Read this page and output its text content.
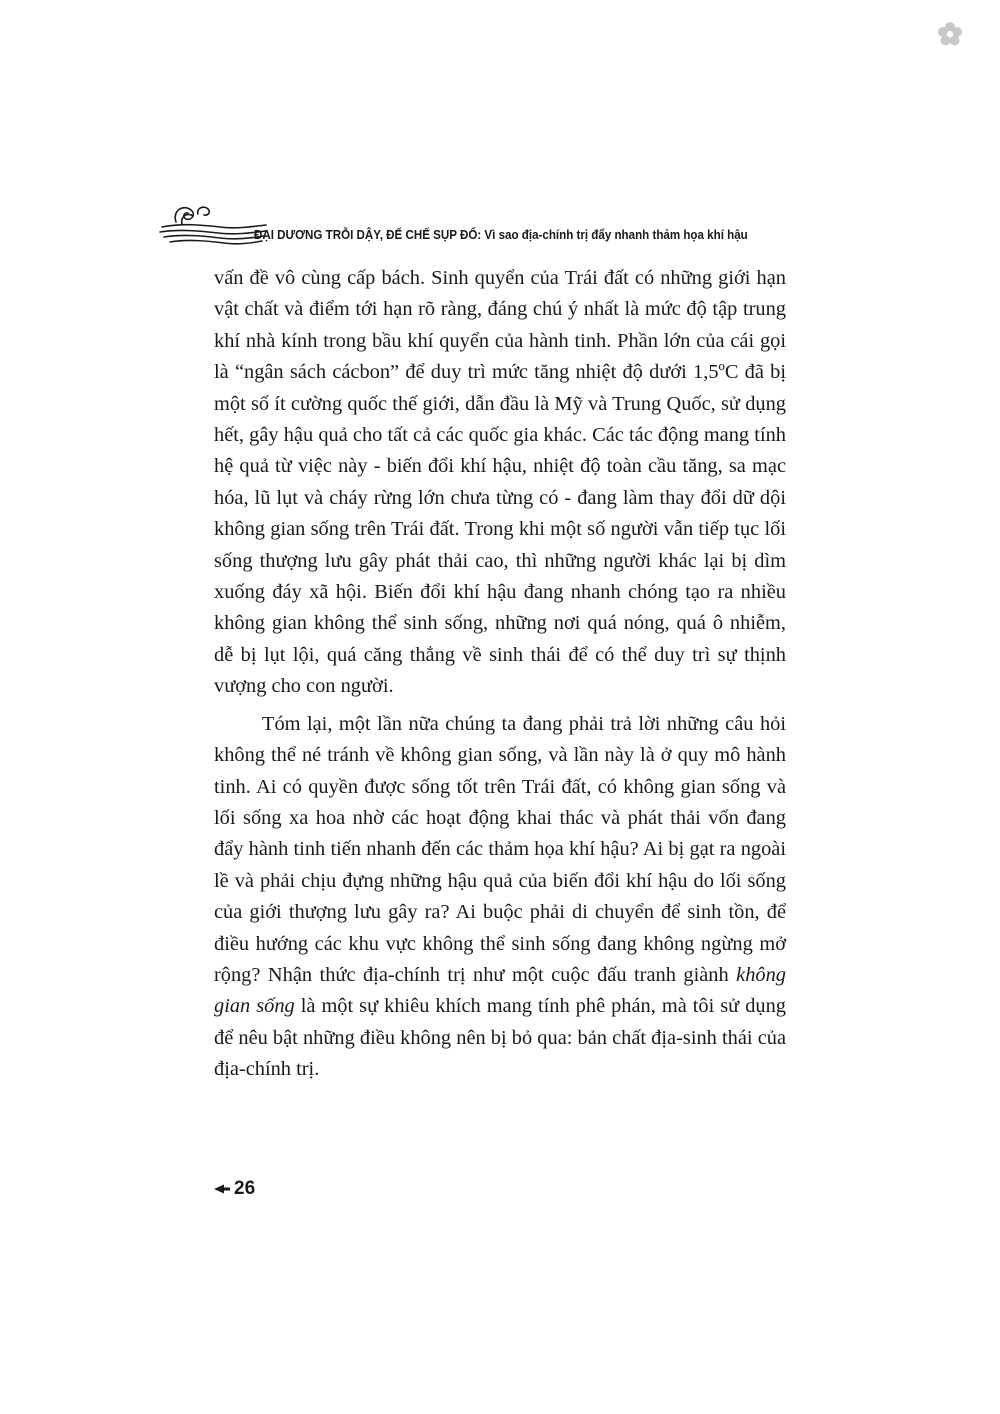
ĐẠI DƯƠNG TRỖI DẬY, ĐẾ CHẾ SỤP ĐỔ: Vì sao địa-chính trị đẩy nhanh thảm họa khí hậu

vấn đề vô cùng cấp bách. Sinh quyển của Trái đất có những giới hạn vật chất và điểm tới hạn rõ ràng, đáng chú ý nhất là mức độ tập trung khí nhà kính trong bầu khí quyển của hành tinh. Phần lớn của cái gọi là “ngân sách cácbon” để duy trì mức tăng nhiệt độ dưới 1,5ºC đã bị một số ít cường quốc thế giới, dẫn đầu là Mỹ và Trung Quốc, sử dụng hết, gây hậu quả cho tất cả các quốc gia khác. Các tác động mang tính hệ quả từ việc này - biến đổi khí hậu, nhiệt độ toàn cầu tăng, sa mạc hóa, lũ lụt và cháy rừng lớn chưa từng có - đang làm thay đổi dữ dội không gian sống trên Trái đất. Trong khi một số người vẫn tiếp tục lối sống thượng lưu gây phát thải cao, thì những người khác lại bị dìm xuống đáy xã hội. Biến đổi khí hậu đang nhanh chóng tạo ra nhiều không gian không thể sinh sống, những nơi quá nóng, quá ô nhiễm, dễ bị lụt lội, quá căng thẳng về sinh thái để có thể duy trì sự thịnh vượng cho con người.

Tóm lại, một lần nữa chúng ta đang phải trả lời những câu hỏi không thể né tránh về không gian sống, và lần này là ở quy mô hành tinh. Ai có quyền được sống tốt trên Trái đất, có không gian sống và lối sống xa hoa nhờ các hoạt động khai thác và phát thải vốn đang đẩy hành tinh tiến nhanh đến các thảm họa khí hậu? Ai bị gạt ra ngoài lề và phải chịu đựng những hậu quả của biến đổi khí hậu do lối sống của giới thượng lưu gây ra? Ai buộc phải di chuyển để sinh tồn, để điều hướng các khu vực không thể sinh sống đang không ngừng mở rộng? Nhận thức địa-chính trị như một cuộc đấu tranh giành không gian sống là một sự khiêu khích mang tính phê phán, mà tôi sử dụng để nêu bật những điều không nên bị bỏ qua: bản chất địa-sinh thái của địa-chính trị.

26
